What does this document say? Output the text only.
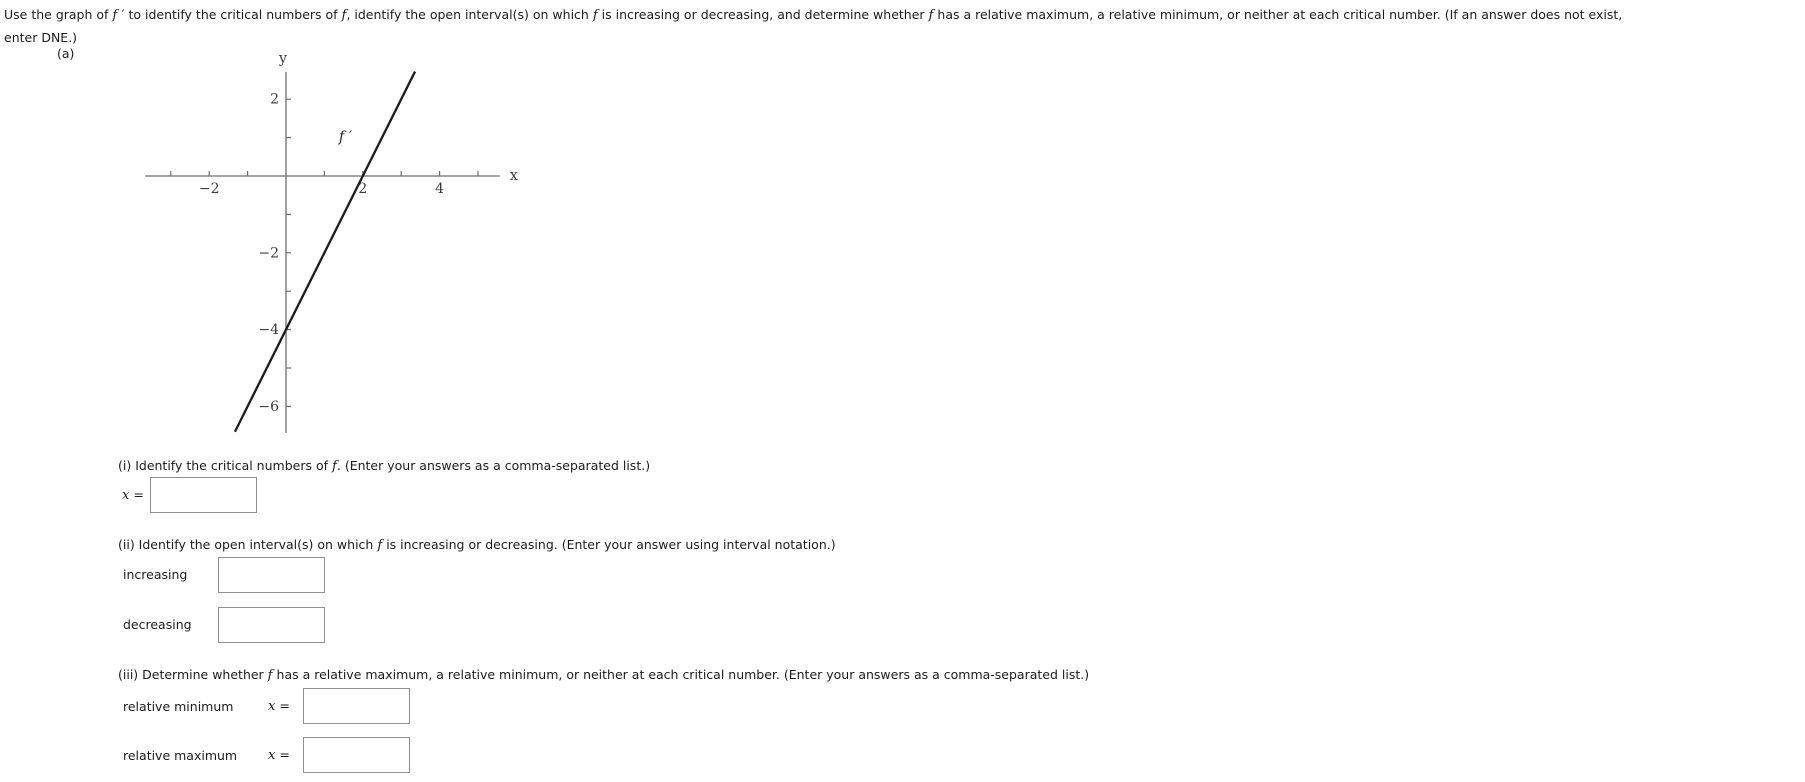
Use the graph of f ′ to identify the critical numbers of f, identify the open interval(s) on which f is increasing or decreasing, and determine whether f has a relative maximum, a relative minimum, or neither at each critical number. (If an answer does not exist,
enter DNE.)
(a)
−2	2	4
−6
−4
−2
2
x
y
f ′
(i) Identify the critical numbers of f. (Enter your answers as a comma-separated list.)
x =
(ii) Identify the open interval(s) on which f is increasing or decreasing. (Enter your answer using interval notation.)
increasing
decreasing
(iii) Determine whether f has a relative maximum, a relative minimum, or neither at each critical number. (Enter your answers as a comma-separated list.)
relative minimum	x =
relative maximum	x =
